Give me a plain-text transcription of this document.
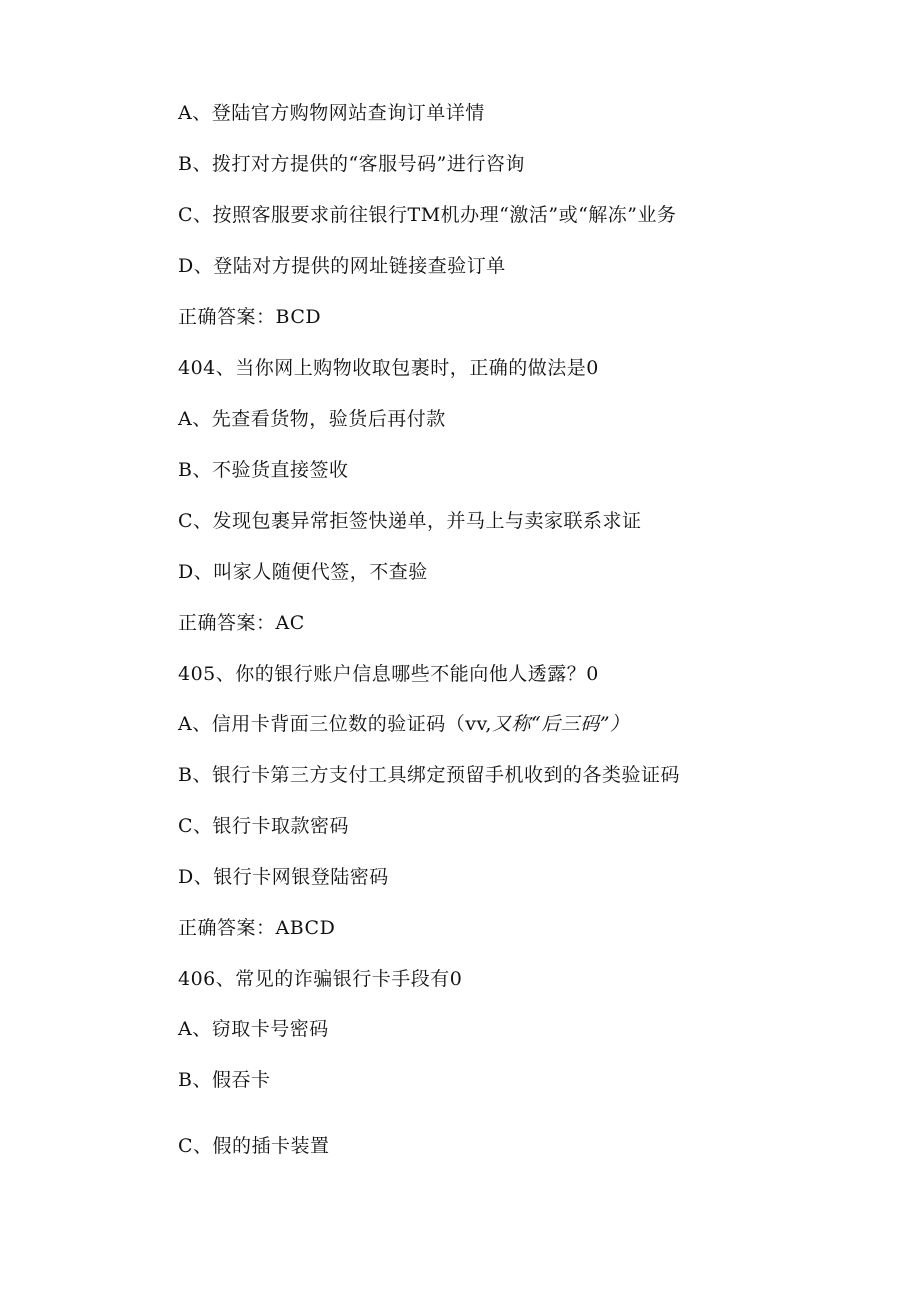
A、登陆官方购物网站查询订单详情
B、拨打对方提供的“客服号码”进行咨询
C、按照客服要求前往银行TM机办理“激活”或“解冻”业务
D、登陆对方提供的网址链接查验订单
正确答案：BCD
404、当你网上购物收取包裹时，正确的做法是0
A、先查看货物，验货后再付款
B、不验货直接签收
C、发现包裹异常拒签快递单，并马上与卖家联系求证
D、叫家人随便代签，不查验
正确答案：AC
405、你的银行账户信息哪些不能向他人透露？0
A、信用卡背面三位数的验证码（vv,又称“后三码”）
B、银行卡第三方支付工具绑定预留手机收到的各类验证码
C、银行卡取款密码
D、银行卡网银登陆密码
正确答案：ABCD
406、常见的诈骗银行卡手段有0
A、窃取卡号密码
B、假吞卡
C、假的插卡装置
